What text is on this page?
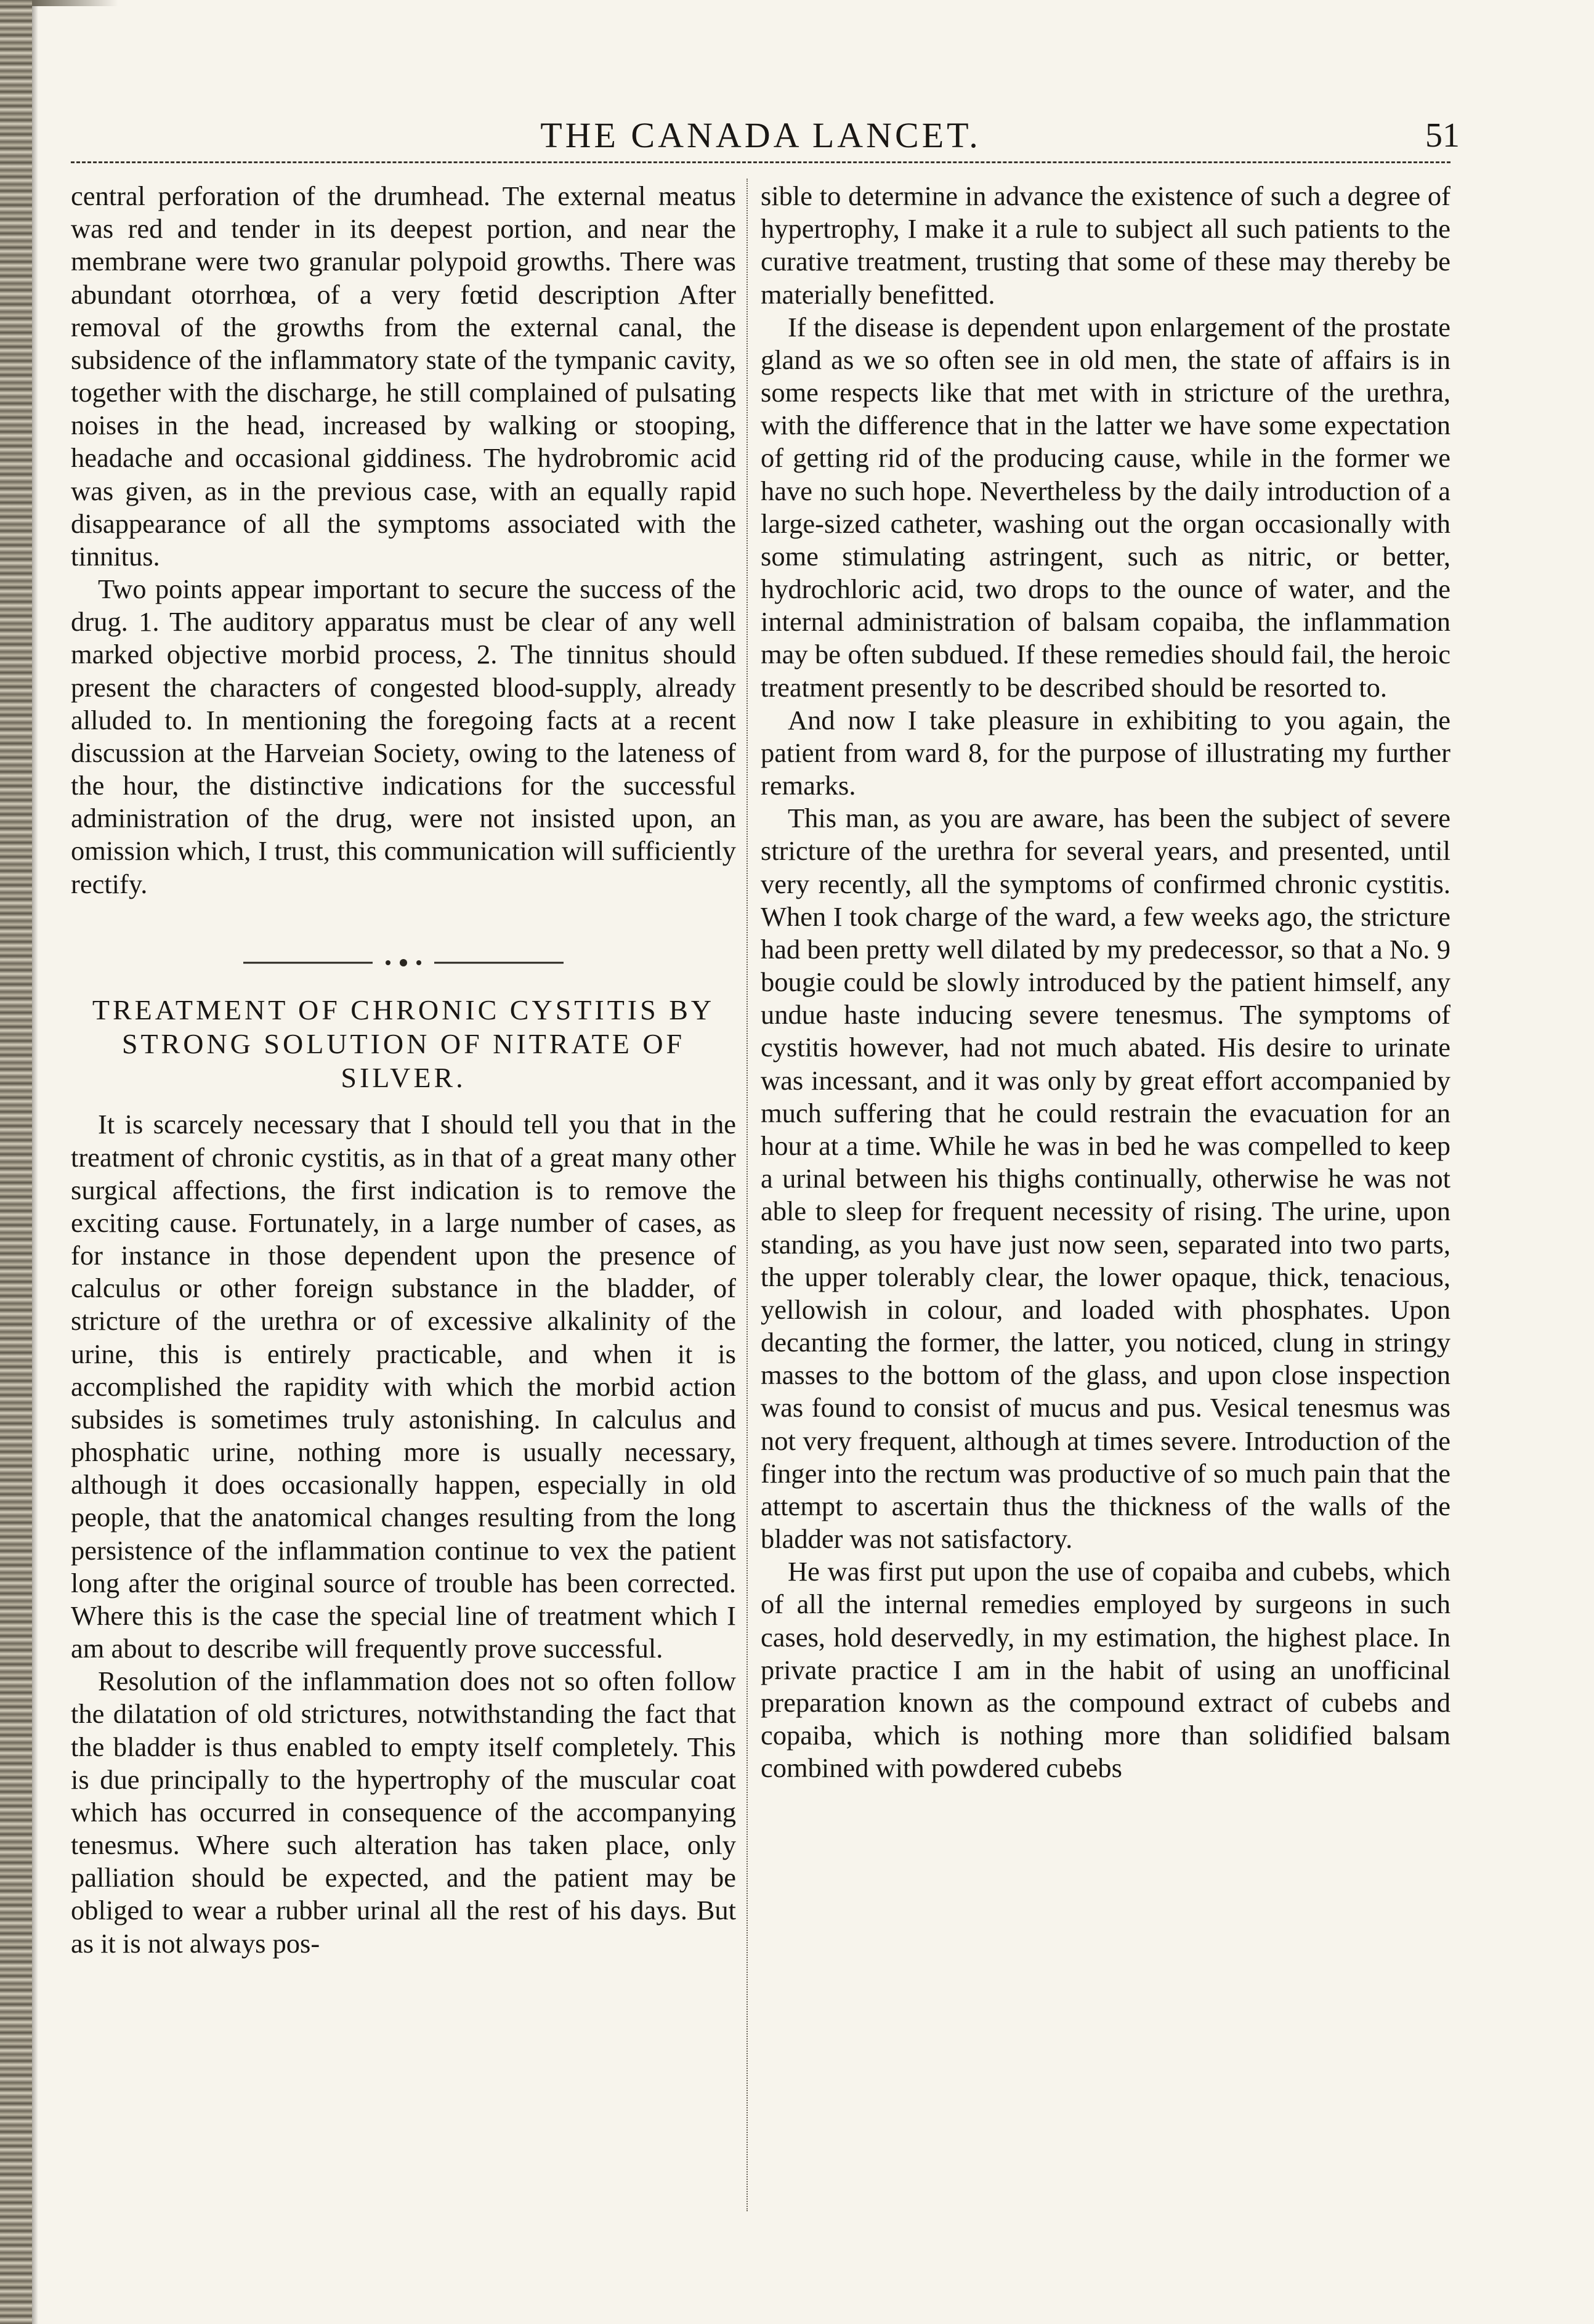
THE CANADA LANCET.	51

central perforation of the drumhead. The external meatus was red and tender in its deepest portion, and near the membrane were two granular polypoid growths. There was abundant otorrhœa, of a very fœtid description After removal of the growths from the external canal, the subsidence of the inflammatory state of the tympanic cavity, together with the discharge, he still complained of pulsating noises in the head, increased by walking or stooping, headache and occasional giddiness. The hydrobromic acid was given, as in the previous case, with an equally rapid disappearance of all the symptoms associated with the tinnitus.

Two points appear important to secure the success of the drug. 1. The auditory apparatus must be clear of any well marked objective morbid process, 2. The tinnitus should present the characters of congested blood-supply, already alluded to. In mentioning the foregoing facts at a recent discussion at the Harveian Society, owing to the lateness of the hour, the distinctive indications for the successful administration of the drug, were not insisted upon, an omission which, I trust, this communication will sufficiently rectify.

TREATMENT OF CHRONIC CYSTITIS BY STRONG SOLUTION OF NITRATE OF SILVER.

It is scarcely necessary that I should tell you that in the treatment of chronic cystitis, as in that of a great many other surgical affections, the first indication is to remove the exciting cause. Fortunately, in a large number of cases, as for instance in those dependent upon the presence of calculus or other foreign substance in the bladder, of stricture of the urethra or of excessive alkalinity of the urine, this is entirely practicable, and when it is accomplished the rapidity with which the morbid action subsides is sometimes truly astonishing. In calculus and phosphatic urine, nothing more is usually necessary, although it does occasionally happen, especially in old people, that the anatomical changes resulting from the long persistence of the inflammation continue to vex the patient long after the original source of trouble has been corrected. Where this is the case the special line of treatment which I am about to describe will frequently prove successful.

Resolution of the inflammation does not so often follow the dilatation of old strictures, notwithstanding the fact that the bladder is thus enabled to empty itself completely. This is due principally to the hypertrophy of the muscular coat which has occurred in consequence of the accompanying tenesmus. Where such alteration has taken place, only palliation should be expected, and the patient may be obliged to wear a rubber urinal all the rest of his days. But as it is not always pos-

sible to determine in advance the existence of such a degree of hypertrophy, I make it a rule to subject all such patients to the curative treatment, trusting that some of these may thereby be materially benefitted.

If the disease is dependent upon enlargement of the prostate gland as we so often see in old men, the state of affairs is in some respects like that met with in stricture of the urethra, with the difference that in the latter we have some expectation of getting rid of the producing cause, while in the former we have no such hope. Nevertheless by the daily introduction of a large-sized catheter, washing out the organ occasionally with some stimulating astringent, such as nitric, or better, hydrochloric acid, two drops to the ounce of water, and the internal administration of balsam copaiba, the inflammation may be often subdued. If these remedies should fail, the heroic treatment presently to be described should be resorted to.

And now I take pleasure in exhibiting to you again, the patient from ward 8, for the purpose of illustrating my further remarks.

This man, as you are aware, has been the subject of severe stricture of the urethra for several years, and presented, until very recently, all the symptoms of confirmed chronic cystitis. When I took charge of the ward, a few weeks ago, the stricture had been pretty well dilated by my predecessor, so that a No. 9 bougie could be slowly introduced by the patient himself, any undue haste inducing severe tenesmus. The symptoms of cystitis however, had not much abated. His desire to urinate was incessant, and it was only by great effort accompanied by much suffering that he could restrain the evacuation for an hour at a time. While he was in bed he was compelled to keep a urinal between his thighs continually, otherwise he was not able to sleep for frequent necessity of rising. The urine, upon standing, as you have just now seen, separated into two parts, the upper tolerably clear, the lower opaque, thick, tenacious, yellowish in colour, and loaded with phosphates. Upon decanting the former, the latter, you noticed, clung in stringy masses to the bottom of the glass, and upon close inspection was found to consist of mucus and pus. Vesical tenesmus was not very frequent, although at times severe. Introduction of the finger into the rectum was productive of so much pain that the attempt to ascertain thus the thickness of the walls of the bladder was not satisfactory.

He was first put upon the use of copaiba and cubebs, which of all the internal remedies employed by surgeons in such cases, hold deservedly, in my estimation, the highest place. In private practice I am in the habit of using an unofficinal preparation known as the compound extract of cubebs and copaiba, which is nothing more than solidified balsam combined with powdered cubebs
